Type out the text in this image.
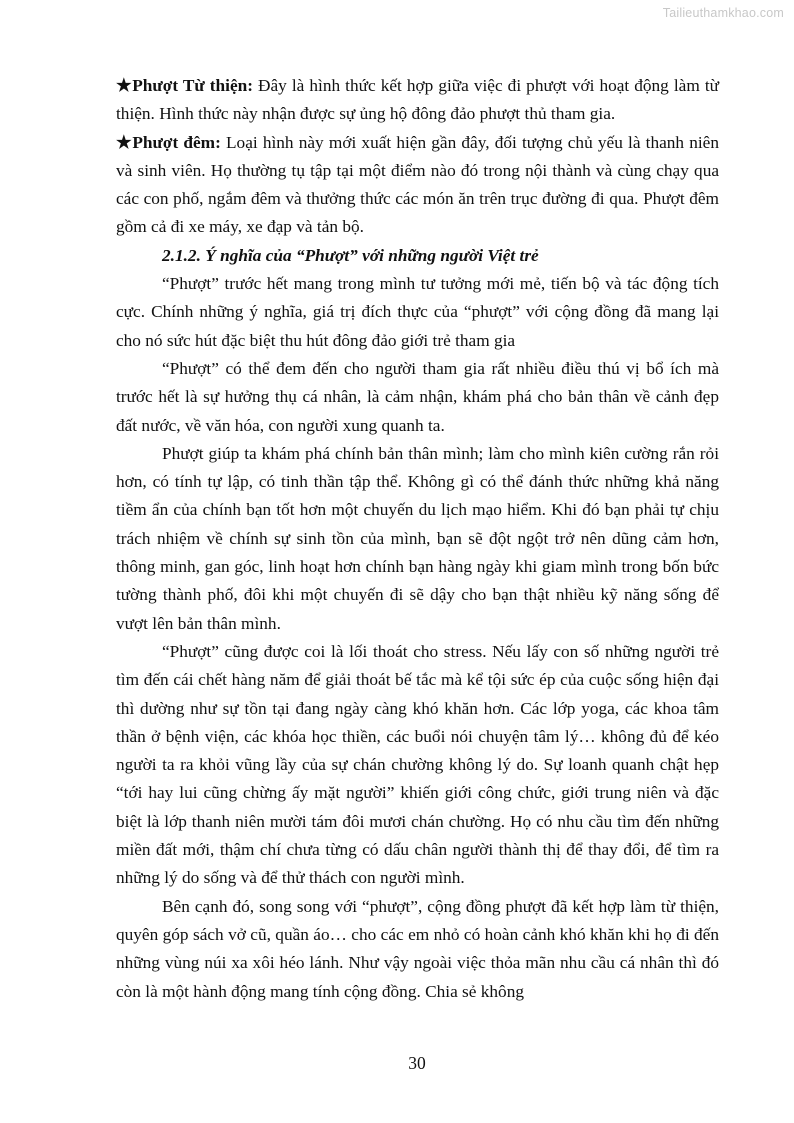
Tailieuthamkhao.com

★Phượt Từ thiện: Đây là hình thức kết hợp giữa việc đi phượt với hoạt động làm từ thiện. Hình thức này nhận được sự ủng hộ đông đảo phượt thủ tham gia.

★Phượt đêm: Loại hình này mới xuất hiện gần đây, đối tượng chủ yếu là thanh niên và sinh viên. Họ thường tụ tập tại một điểm nào đó trong nội thành và cùng chạy qua các con phố, ngắm đêm và thưởng thức các món ăn trên trục đường đi qua. Phượt đêm gồm cả đi xe máy, xe đạp và tản bộ.

2.1.2. Ý nghĩa của “Phượt” với những người Việt trẻ

“Phượt” trước hết mang trong mình tư tưởng mới mẻ, tiến bộ và tác động tích cực. Chính những ý nghĩa, giá trị đích thực của “phượt” với cộng đồng đã mang lại cho nó sức hút đặc biệt thu hút đông đảo giới trẻ tham gia

“Phượt” có thể đem đến cho người tham gia rất nhiều điều thú vị bổ ích mà trước hết là sự hưởng thụ cá nhân, là cảm nhận, khám phá cho bản thân về cảnh đẹp đất nước, về văn hóa, con người xung quanh ta.

Phượt giúp ta khám phá chính bản thân mình; làm cho mình kiên cường rắn rỏi hơn, có tính tự lập, có tinh thần tập thể. Không gì có thể đánh thức những khả năng tiềm ẩn của chính bạn tốt hơn một chuyến du lịch mạo hiểm. Khi đó bạn phải tự chịu trách nhiệm về chính sự sinh tồn của mình, bạn sẽ đột ngột trở nên dũng cảm hơn, thông minh, gan góc, linh hoạt hơn chính bạn hàng ngày khi giam mình trong bốn bức tường thành phố, đôi khi một chuyến đi sẽ dậy cho bạn thật nhiều kỹ năng sống để vượt lên bản thân mình.

“Phượt” cũng được coi là lối thoát cho stress. Nếu lấy con số những người trẻ tìm đến cái chết hàng năm để giải thoát bế tắc mà kể tội sức ép của cuộc sống hiện đại thì dường như sự tồn tại đang ngày càng khó khăn hơn. Các lớp yoga, các khoa tâm thần ở bệnh viện, các khóa học thiền, các buổi nói chuyện tâm lý… không đủ để kéo người ta ra khỏi vũng lầy của sự chán chường không lý do. Sự loanh quanh chật hẹp “tới hay lui cũng chừng ấy mặt người” khiến giới công chức, giới trung niên và đặc biệt là lớp thanh niên mười tám đôi mươi chán chường. Họ có nhu cầu tìm đến những miền đất mới, thậm chí chưa từng có dấu chân người thành thị để thay đổi, để tìm ra những lý do sống và để thử thách con người mình.

Bên cạnh đó, song song với “phượt”, cộng đồng phượt đã kết hợp làm từ thiện, quyên góp sách vở cũ, quần áo… cho các em nhỏ có hoàn cảnh khó khăn khi họ đi đến những vùng núi xa xôi héo lánh. Như vậy ngoài việc thỏa mãn nhu cầu cá nhân thì đó còn là một hành động mang tính cộng đồng. Chia sẻ không

30
